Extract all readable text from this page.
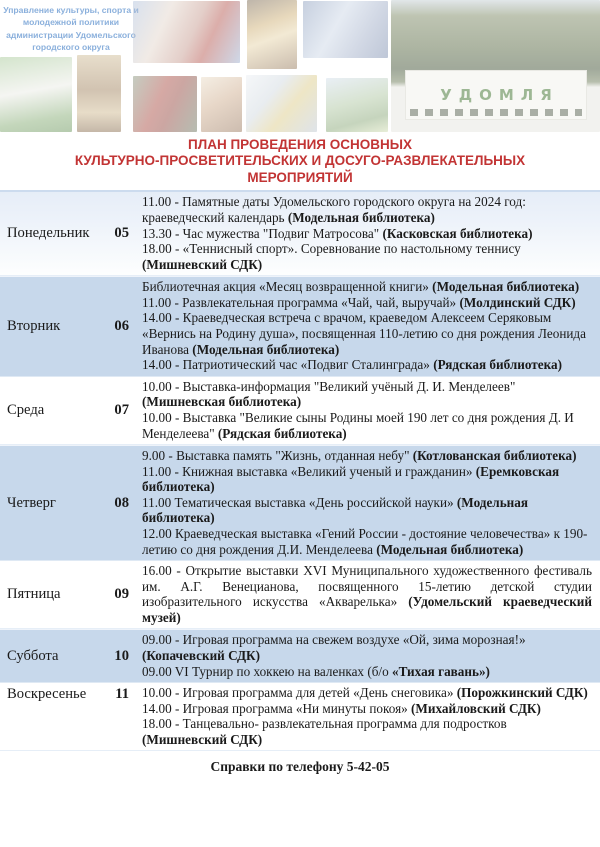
Управление культуры, спорта и молодежной политики администрации Удомельского городского округа
УДОМЛЯ
ПЛАН ПРОВЕДЕНИЯ ОСНОВНЫХ
КУЛЬТУРНО-ПРОСВЕТИТЕЛЬСКИХ И ДОСУГО-РАЗВЛЕКАТЕЛЬНЫХ
МЕРОПРИЯТИЙ
Понедельник 05
11.00 - Памятные даты Удомельского городского округа на 2024 год: краеведческий календарь (Модельная библиотека)
13.30 - Час мужества "Подвиг Матросова" (Касковская библиотека)
18.00 - «Теннисный спорт». Соревнование по настольному теннису (Мишневский СДК)
Вторник	06
Библиотечная акция «Месяц возвращенной книги» (Модельная библиотека)
11.00 - Развлекательная программа «Чай, чай, выручай» (Молдинский СДК)
14.00 - Краеведческая встреча с врачом, краеведом Алексеем Серяковым «Вернись на Родину душа», посвященная 110-летию со дня рождения Леонида Иванова (Модельная библиотека)
14.00 - Патриотический час «Подвиг Сталинграда» (Рядская библиотека)
Среда	07
10.00 - Выставка-информация "Великий учёный Д. И. Менделеев" (Мишневская библиотека)
10.00 - Выставка "Великие сыны Родины моей 190 лет со дня рождения Д. И Менделеева" (Рядская библиотека)
Четверг	08
9.00 - Выставка память "Жизнь, отданная небу" (Котлованская библиотека)
11.00 - Книжная выставка «Великий ученый и гражданин» (Еремковская библиотека)
11.00 Тематическая выставка «День российской науки» (Модельная библиотека)
12.00 Краеведческая выставка «Гений России - достояние человечества» к 190-летию со дня рождения Д.И. Менделеева (Модельная библиотека)
Пятница	09
16.00 - Открытие выставки XVI Муниципального художественного фестиваль им. А.Г. Венецианова, посвященного 15-летию детской студии изобразительного искусства «Акварелька» (Удомельский краеведческий музей)
Суббота	10
09.00 - Игровая программа на свежем воздухе «Ой, зима морозная!» (Копачевский СДК)
09.00 VI Турнир по хоккею на валенках (б/о «Тихая гавань»)
Воскресенье 11 10.00 - Игровая программа для детей «День снеговика» (Порожкинский СДК)
14.00 - Игровая программа «Ни минуты покоя» (Михайловский СДК)
18.00 - Танцевально- развлекательная программа для подростков (Мишневский СДК)
Справки по телефону 5-42-05
